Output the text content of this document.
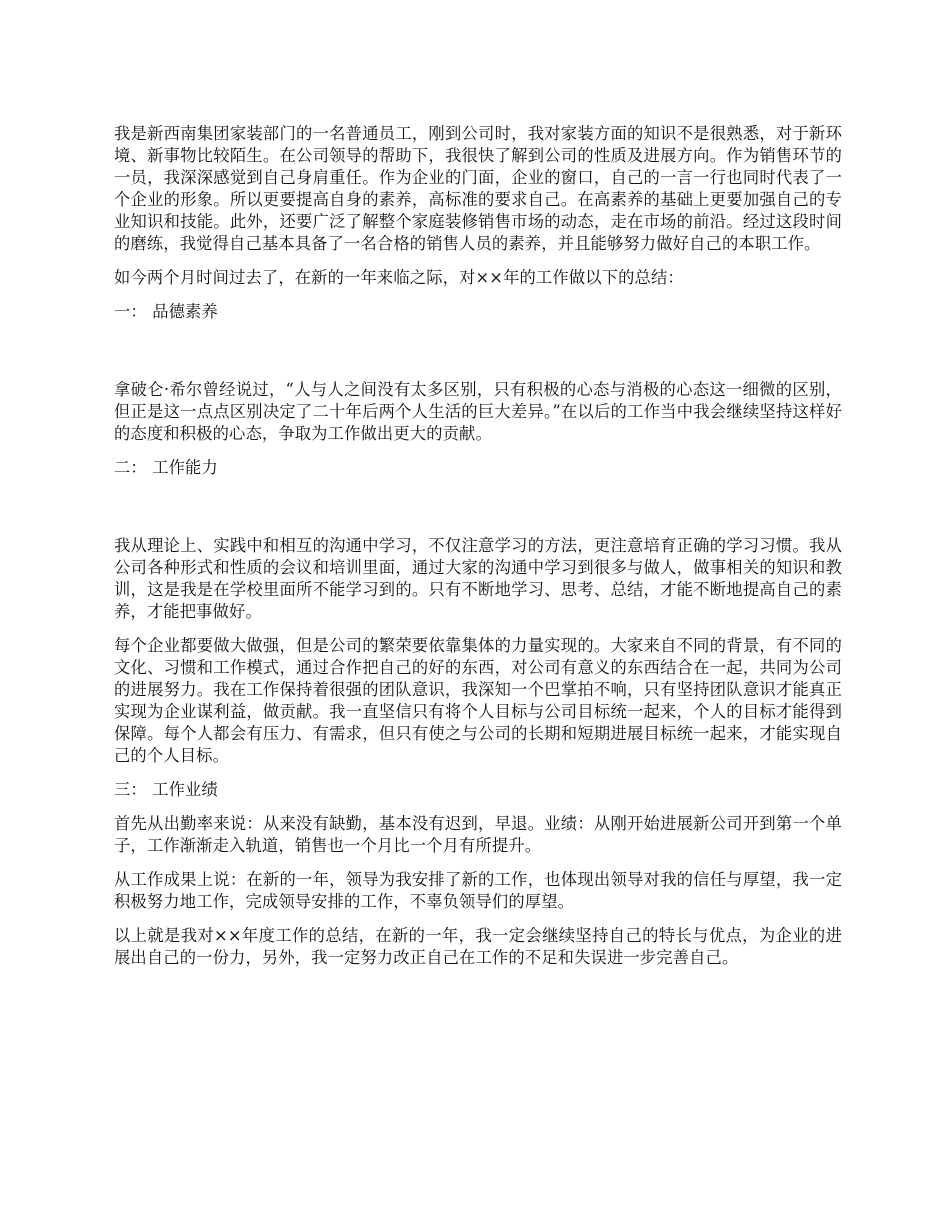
我是新西南集团家装部门的一名普通员工，刚到公司时，我对家装方面的知识不是很熟悉，对于新环境、新事物比较陌生。在公司领导的帮助下，我很快了解到公司的性质及进展方向。作为销售环节的一员，我深深感觉到自己身肩重任。作为企业的门面，企业的窗口，自己的一言一行也同时代表了一个企业的形象。所以更要提高自身的素养，高标准的要求自己。在高素养的基础上更要加强自己的专业知识和技能。此外，还要广泛了解整个家庭装修销售市场的动态，走在市场的前沿。经过这段时间的磨练，我觉得自己基本具备了一名合格的销售人员的素养，并且能够努力做好自己的本职工作。

如今两个月时间过去了，在新的一年来临之际，对××年的工作做以下的总结：

一： 品德素养

拿破仑·希尔曾经说过，“人与人之间没有太多区别，只有积极的心态与消极的心态这一细微的区别，但正是这一点点区别决定了二十年后两个人生活的巨大差异。”在以后的工作当中我会继续坚持这样好的态度和积极的心态，争取为工作做出更大的贡献。

二： 工作能力

我从理论上、实践中和相互的沟通中学习，不仅注意学习的方法，更注意培育正确的学习习惯。我从公司各种形式和性质的会议和培训里面，通过大家的沟通中学习到很多与做人，做事相关的知识和教训，这是我是在学校里面所不能学习到的。只有不断地学习、思考、总结，才能不断地提高自己的素养，才能把事做好。

每个企业都要做大做强，但是公司的繁荣要依靠集体的力量实现的。大家来自不同的背景，有不同的文化、习惯和工作模式，通过合作把自己的好的东西，对公司有意义的东西结合在一起，共同为公司的进展努力。我在工作保持着很强的团队意识，我深知一个巴掌拍不响，只有坚持团队意识才能真正实现为企业谋利益，做贡献。我一直坚信只有将个人目标与公司目标统一起来，个人的目标才能得到保障。每个人都会有压力、有需求，但只有使之与公司的长期和短期进展目标统一起来，才能实现自己的个人目标。

三： 工作业绩

首先从出勤率来说：从来没有缺勤，基本没有迟到，早退。业绩：从刚开始进展新公司开到第一个单子，工作渐渐走入轨道，销售也一个月比一个月有所提升。

从工作成果上说：在新的一年，领导为我安排了新的工作，也体现出领导对我的信任与厚望，我一定积极努力地工作，完成领导安排的工作，不辜负领导们的厚望。

以上就是我对××年度工作的总结，在新的一年，我一定会继续坚持自己的特长与优点，为企业的进展出自己的一份力，另外，我一定努力改正自己在工作的不足和失误进一步完善自己。
